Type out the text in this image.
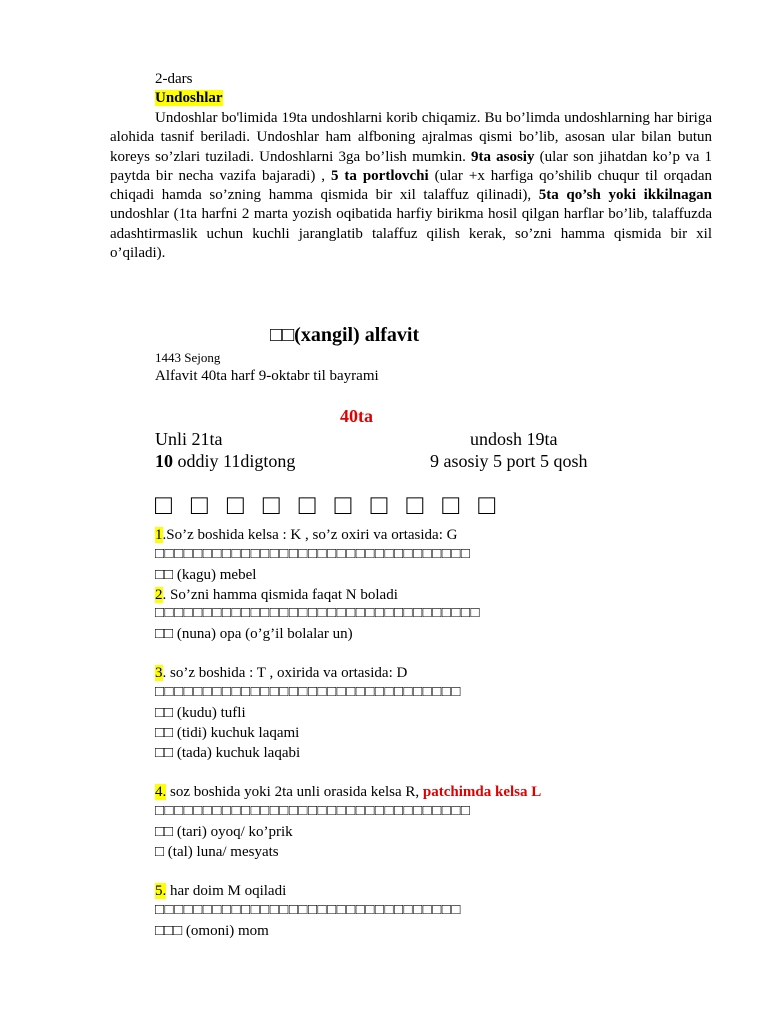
2-dars
Undoshlar
Undoshlar bo'limida 19ta undoshlarni korib chiqamiz. Bu bo’limda undoshlarning har biriga alohida tasnif beriladi. Undoshlar ham alfboning ajralmas qismi bo’lib, asosan ular bilan butun koreys so’zlari tuziladi. Undoshlarni 3ga bo’lish mumkin. 9ta asosiy (ular son jihatdan ko’p va 1 paytda bir necha vazifa bajaradi) , 5 ta portlovchi (ular +x harfiga qo’shilib chuqur til orqadan chiqadi hamda so’zning hamma qismida bir xil talaffuz qilinadi), 5ta qo’sh yoki ikkilnagan undoshlar (1ta harfni 2 marta yozish oqibatida harfiy birikma hosil qilgan harflar bo’lib, talaffuzda adashtirmaslik uchun kuchli jaranglatib talaffuz qilish kerak, so’zni hamma qismida bir xil o’qiladi).
□□(xangil) alfavit
1443 Sejong
Alfavit 40ta harf 9-oktabr til bayrami
40ta
Unli 21ta	undosh 19ta
10 oddiy 11digtong	9 asosiy 5 port 5 qosh
□ □ □ □ □ □ □ □ □ □
1.So’z boshida kelsa : K , so’z oxiri va ortasida: G
□□□□□□□□□□□□□□□□□□□□□□□□□□□□□□□□□
□□ (kagu) mebel
2. So’zni hamma qismida faqat N boladi
□□□□□□□□□□□□□□□□□□□□□□□□□□□□□□□□□□
□□ (nuna) opa (o’g’il bolalar un)
3. so’z boshida : T , oxirida va ortasida: D
□□□□□□□□□□□□□□□□□□□□□□□□□□□□□□□□
□□ (kudu) tufli
□□ (tidi) kuchuk laqami
□□ (tada) kuchuk laqabi
4. soz boshida yoki 2ta unli orasida kelsa R, patchimda kelsa L
□□□□□□□□□□□□□□□□□□□□□□□□□□□□□□□□□
□□ (tari) oyoq/ ko’prik
□ (tal) luna/ mesyats
5. har doim M oqiladi
□□□□□□□□□□□□□□□□□□□□□□□□□□□□□□□□
□□□ (omoni) mom
